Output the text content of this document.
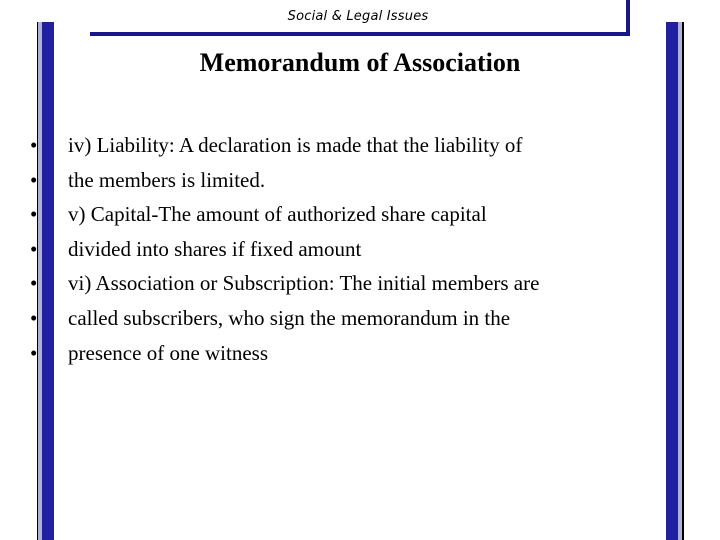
Social & Legal Issues
Memorandum of Association
•	iv) Liability: A declaration is made that the liability of
•	the members is limited.
•	v) Capital-The amount of authorized share capital
•	divided into shares if fixed amount
•	vi) Association or Subscription: The initial members are
•	called subscribers, who sign the memorandum in the
•	presence of one witness
